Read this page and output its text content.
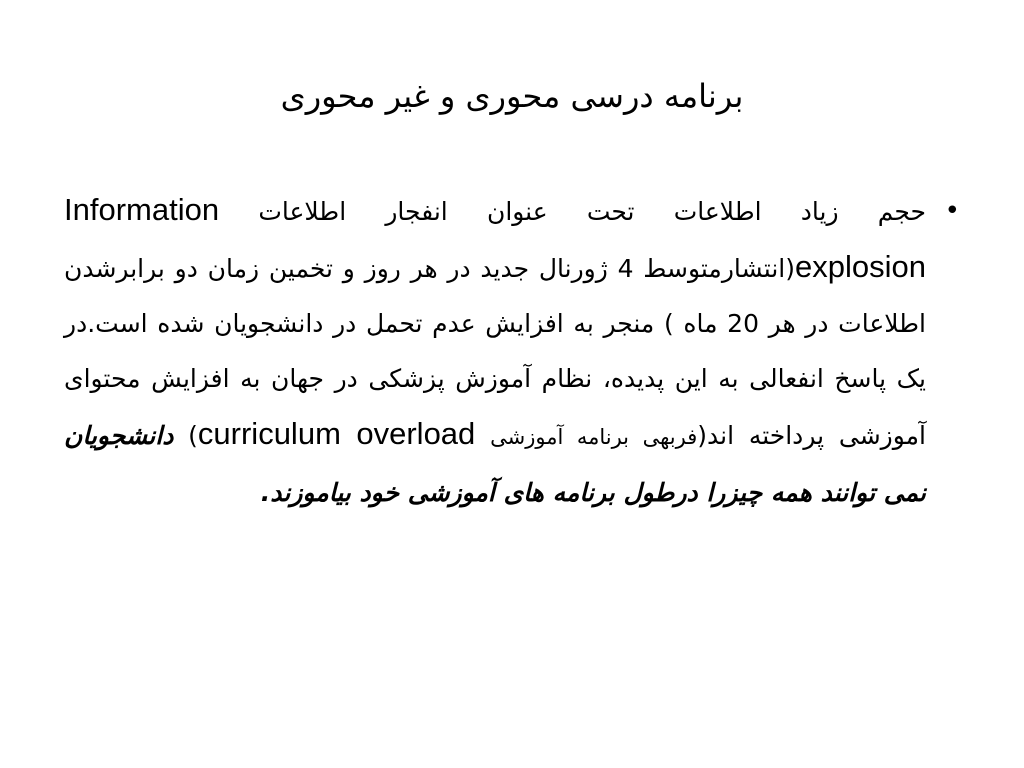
برنامه درسی محوری و غیر محوری
•

حجم زیاد اطلاعات تحت عنوان انفجار اطلاعات Information explosion(انتشارمتوسط 4 ژورنال جدید در هر روز و تخمین زمان دو برابرشدن اطلاعات در هر 20 ماه ) منجر به افزایش عدم تحمل در دانشجویان شده است.در یک پاسخ انفعالی به این پدیده، نظام آموزش پزشکی در جهان به افزایش محتوای آموزشی پرداخته اند(فربهی برنامه آموزشی curriculum overload) دانشجویان نمی توانند همه چیزرا درطول برنامه های آموزشی خود بیاموزند.
